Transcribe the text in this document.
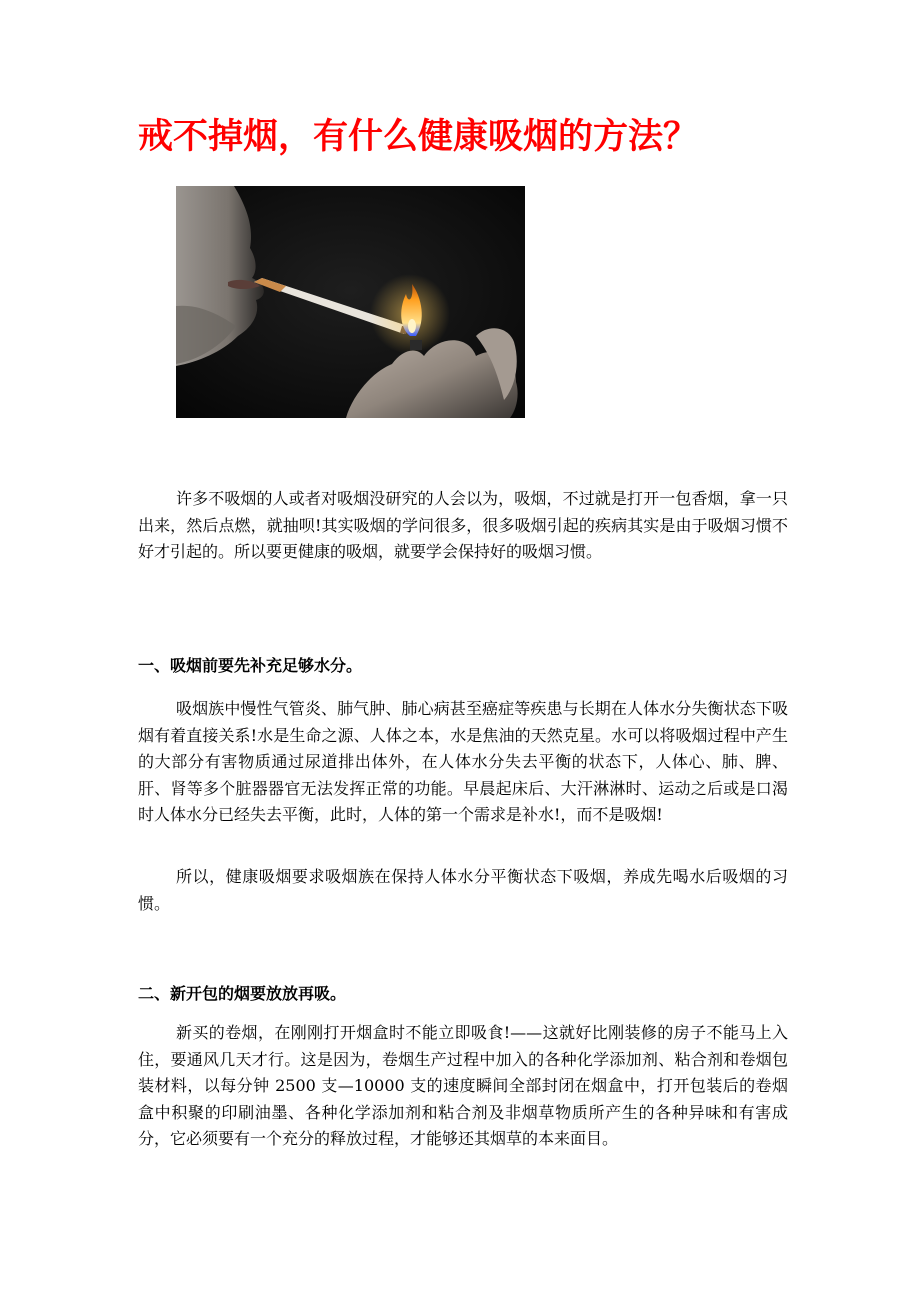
戒不掉烟，有什么健康吸烟的方法？

许多不吸烟的人或者对吸烟没研究的人会以为，吸烟，不过就是打开一包香烟，拿一只出来，然后点燃，就抽呗!其实吸烟的学问很多，很多吸烟引起的疾病其实是由于吸烟习惯不好才引起的。所以要更健康的吸烟，就要学会保持好的吸烟习惯。

一、吸烟前要先补充足够水分。

吸烟族中慢性气管炎、肺气肿、肺心病甚至癌症等疾患与长期在人体水分失衡状态下吸烟有着直接关系!水是生命之源、人体之本，水是焦油的天然克星。水可以将吸烟过程中产生的大部分有害物质通过尿道排出体外，在人体水分失去平衡的状态下，人体心、肺、脾、肝、肾等多个脏器器官无法发挥正常的功能。早晨起床后、大汗淋淋时、运动之后或是口渴时人体水分已经失去平衡，此时，人体的第一个需求是补水!，而不是吸烟!

所以，健康吸烟要求吸烟族在保持人体水分平衡状态下吸烟，养成先喝水后吸烟的习惯。

二、新开包的烟要放放再吸。

新买的卷烟，在刚刚打开烟盒时不能立即吸食!——这就好比刚装修的房子不能马上入住，要通风几天才行。这是因为，卷烟生产过程中加入的各种化学添加剂、粘合剂和卷烟包装材料，以每分钟 2500 支—10000 支的速度瞬间全部封闭在烟盒中，打开包装后的卷烟盒中积聚的印刷油墨、各种化学添加剂和粘合剂及非烟草物质所产生的各种异味和有害成分，它必须要有一个充分的释放过程，才能够还其烟草的本来面目。
